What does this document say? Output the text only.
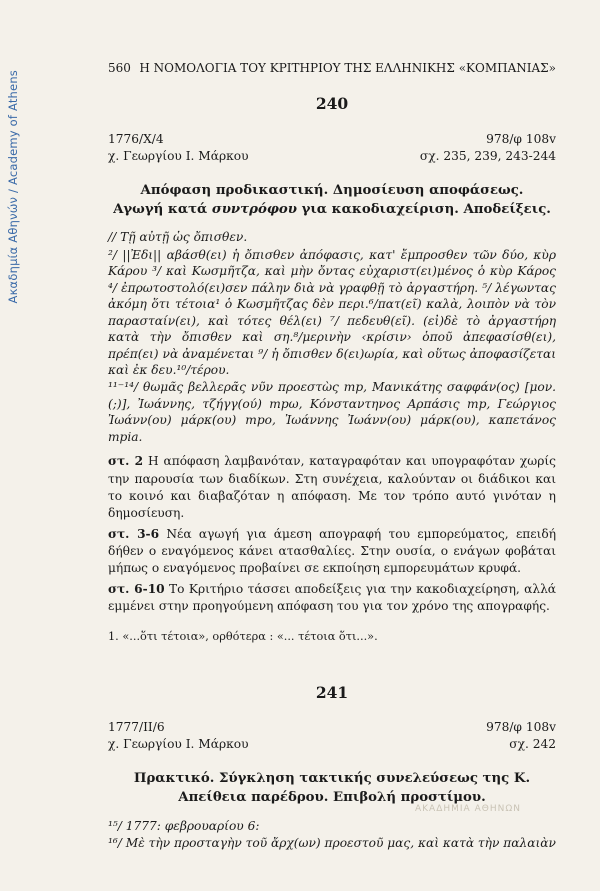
Ακαδημία Αθηνών / Academy of Athens
560 Η ΝΟΜΟΛΟΓΙΑ ΤΟΥ ΚΡΙΤΗΡΙΟΥ ΤΗΣ ΕΛΛΗΝΙΚΗΣ «ΚΟΜΠΑΝΙΑΣ»
240
1776/X/4
χ. Γεωργίου Ι. Μάρκου
978/φ 108v
σχ. 235, 239, 243-244
Απόφαση προδικαστική. Δημοσίευση αποφάσεως.
Αγωγή κατά συντρόφου για κακοδιαχείριση. Αποδείξεις.

// Τῇ αὐτῇ ὡς ὄπισθεν.

²/ ||Ἐδι|| αβάσθ(ει) ἡ ὄπισθεν ἀπόφασις, κατ' ἔμπροσθεν τῶν δύο, κὺρ Κάρου ³/ καὶ Κωσμῆτζα, καὶ μὴν ὄντας εὐχαριστ(ει)μένος ὁ κὺρ Κάρος ⁴/ ἐπρωτοστολό(ει)σεν πάλην διὰ νὰ γραφθῇ τὸ ἀργαστήρη. ⁵/ λέγωντας ἀκόμη ὅτι τέτοια¹ ὁ Κωσμῆτζας δὲν περι.⁶/πατ(εῖ) καλὰ, λοιπὸν νὰ τὸν παρασταίν(ει), καὶ τότες θέλ(ει) ⁷/ πεδευθ(εῖ). (εἰ)δὲ τὸ ἀργαστήρη κατὰ τὴν ὄπισθεν καὶ ση.⁸/μερινὴν ‹κρίσιν› ὁποῦ ἀπεφασίσθ(ει), πρέπ(ει) νὰ ἀναμένεται ⁹/ ἡ ὄπισθεν δ(ει)ωρία, καὶ οὕτως ἀποφασίζεται καὶ ἐκ δευ.¹⁰/τέρου.

¹¹⁻¹⁴/ θωμᾶς βελλερᾶς νῦν προεστὼς mp, Μανικάτης σαφφάν(ος) [μον.(;)], Ἰωάννης, τζήγγ(ού) mpω, Κόνσταντηνος Αρπάσις mp, Γεώργιος Ἰωάνν(ου) μάρκ(ου) mpo, Ἰωάννης Ἰωάνν(ου) μάρκ(ου), καπετάνος mpia.

στ. 2 Η απόφαση λαμβανόταν, καταγραφόταν και υπογραφόταν χωρίς την παρουσία των διαδίκων. Στη συνέχεια, καλούνταν οι διάδικοι και το κοινό και διαβαζόταν η απόφαση. Με τον τρόπο αυτό γινόταν η δημοσίευση.

στ. 3-6 Νέα αγωγή για άμεση απογραφή του εμπορεύματος, επειδή δήθεν ο εναγόμενος κάνει ατασθαλίες. Στην ουσία, ο ενάγων φοβάται μήπως ο εναγόμενος προβαίνει σε εκποίηση εμπορευμάτων κρυφά.

στ. 6-10 Το Κριτήριο τάσσει αποδείξεις για την κακοδιαχείρηση, αλλά εμμένει στην προηγούμενη απόφαση του για τον χρόνο της απογραφής.

1. «...ὅτι τέτοια», ορθότερα : «... τέτοια ὅτι...».
241
1777/ΙΙ/6
χ. Γεωργίου Ι. Μάρκου
978/φ 108v
σχ. 242
Πρακτικό. Σύγκληση τακτικής συνελεύσεως της Κ.
Απείθεια παρέδρου. Επιβολή προστίμου.

¹⁵/ 1777: φεβρουαρίου 6:

¹⁶/ Μὲ τὴν προσταγὴν τοῦ ἄρχ(ων) προεστοῦ μας, καὶ κατὰ τὴν παλαιὰν

ΑΚΑΔΗΜΙΑ ΑΘΗΝΩΝ
